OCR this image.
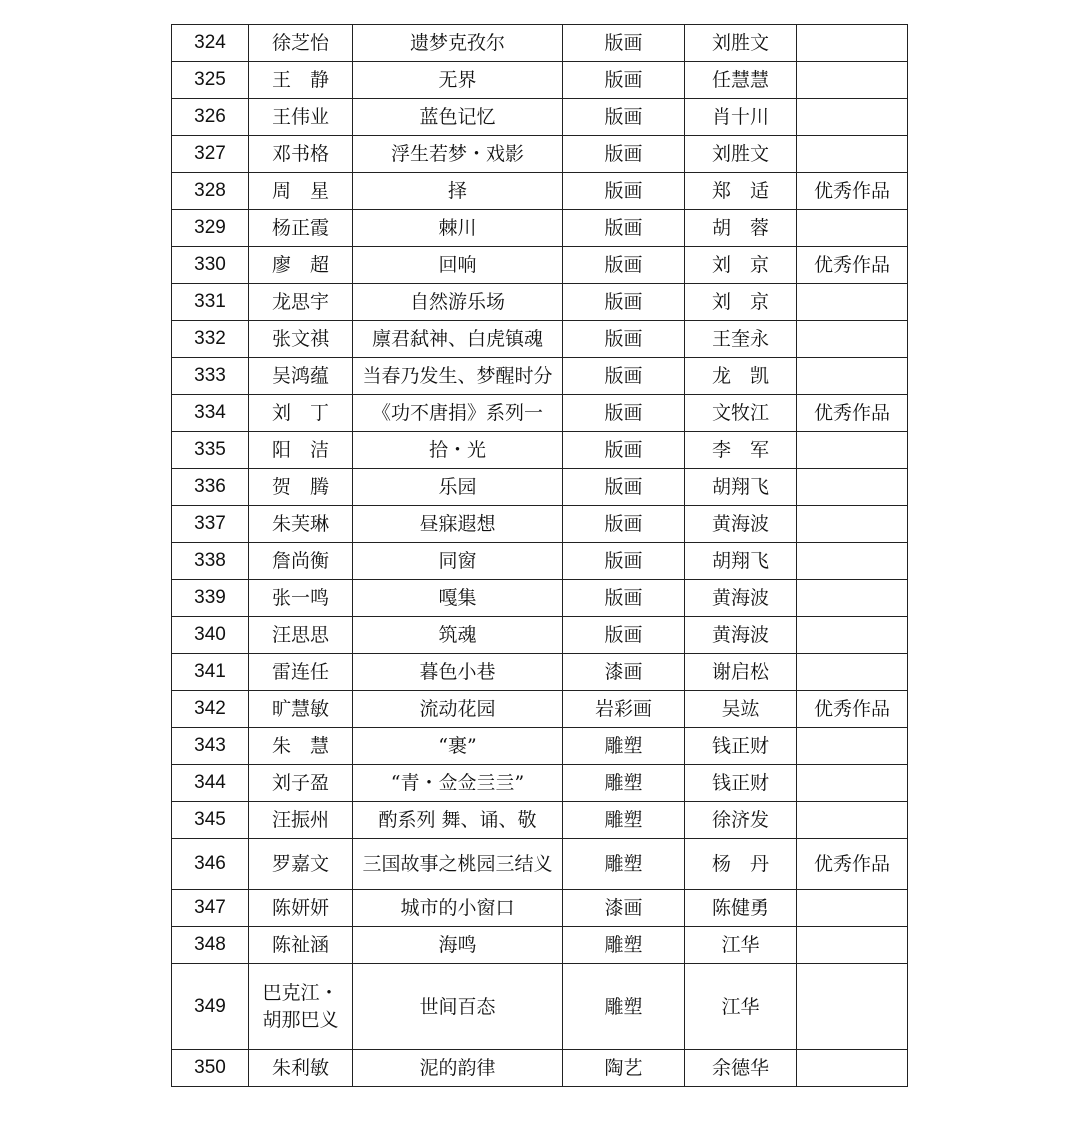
324	徐芝怡	遗梦克孜尔	版画	刘胜文	
325	王　静	无界	版画	任慧慧	
326	王伟业	蓝色记忆	版画	肖十川	
327	邓书格	浮生若梦・戏影	版画	刘胜文	
328	周　星	择	版画	郑　适	优秀作品
329	杨正霞	棘川	版画	胡　蓉	
330	廖　超	回响	版画	刘　京	优秀作品
331	龙思宇	自然游乐场	版画	刘　京	
332	张文祺	廪君弑神、白虎镇魂	版画	王奎永	
333	吴鸿蕴	当春乃发生、梦醒时分	版画	龙　凯	
334	刘　丁	《功不唐捐》系列一	版画	文牧江	优秀作品
335	阳　洁	拾・光	版画	李　军	
336	贺　腾	乐园	版画	胡翔飞	
337	朱芙琳	昼寐遐想	版画	黄海波	
338	詹尚衡	同窗	版画	胡翔飞	
339	张一鸣	嘎集	版画	黄海波	
340	汪思思	筑魂	版画	黄海波	
341	雷连任	暮色小巷	漆画	谢启松	
342	旷慧敏	流动花园	岩彩画	吴竑	优秀作品
343	朱　慧	“裹”	雕塑	钱正财	
344	刘子盈	“青・佥佥亖亖”	雕塑	钱正财	
345	汪振州	酌系列 舞、诵、敬	雕塑	徐济发	
346	罗嘉文	三国故事之桃园三结义	雕塑	杨　丹	优秀作品
347	陈妍妍	城市的小窗口	漆画	陈健勇	
348	陈祉涵	海鸣	雕塑	江华	
349	巴克江・胡那巴义	世间百态	雕塑	江华	
350	朱利敏	泥的韵律	陶艺	余德华	
